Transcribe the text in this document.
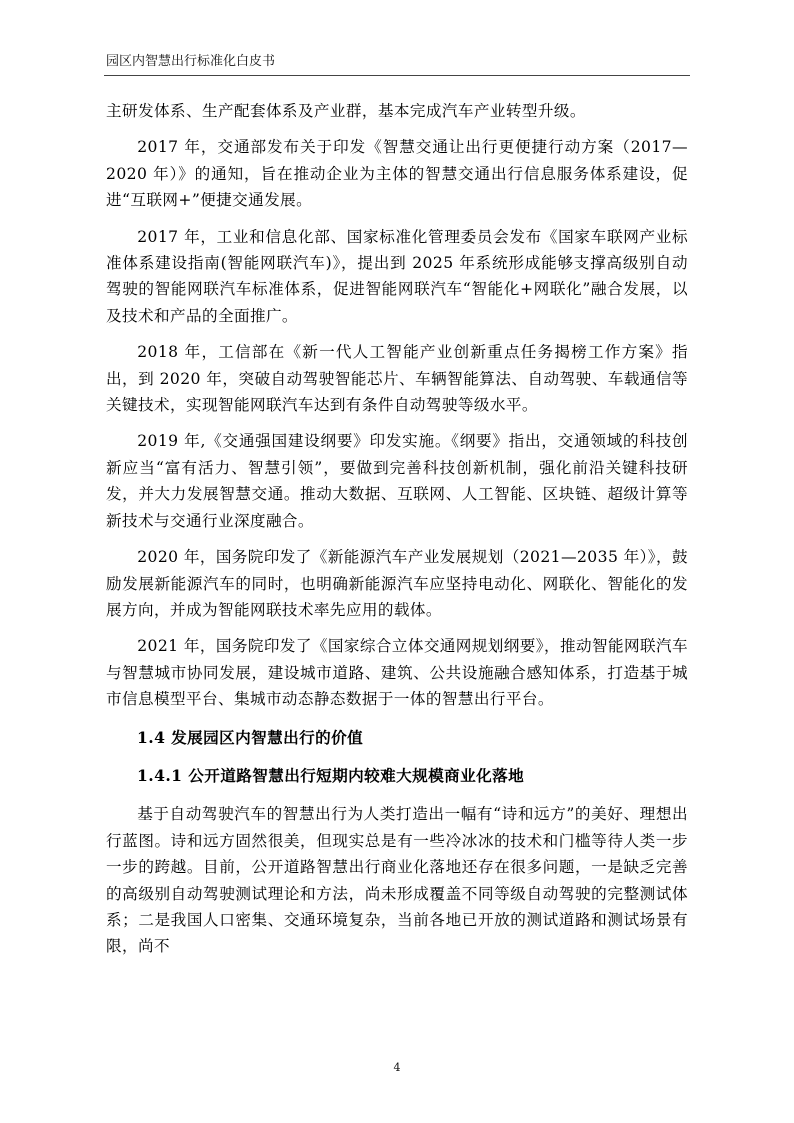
园区内智慧出行标准化白皮书

主研发体系、生产配套体系及产业群，基本完成汽车产业转型升级。

2017 年，交通部发布关于印发《智慧交通让出行更便捷行动方案（2017—2020 年）》的通知，旨在推动企业为主体的智慧交通出行信息服务体系建设，促进“互联网+”便捷交通发展。

2017 年，工业和信息化部、国家标准化管理委员会发布《国家车联网产业标准体系建设指南(智能网联汽车)》，提出到 2025 年系统形成能够支撑高级别自动驾驶的智能网联汽车标准体系，促进智能网联汽车“智能化+网联化”融合发展，以及技术和产品的全面推广。

2018 年，工信部在《新一代人工智能产业创新重点任务揭榜工作方案》指出，到 2020 年，突破自动驾驶智能芯片、车辆智能算法、自动驾驶、车载通信等关键技术，实现智能网联汽车达到有条件自动驾驶等级水平。

2019 年,《交通强国建设纲要》印发实施。《纲要》指出，交通领域的科技创新应当“富有活力、智慧引领”，要做到完善科技创新机制，强化前沿关键科技研发，并大力发展智慧交通。推动大数据、互联网、人工智能、区块链、超级计算等新技术与交通行业深度融合。

2020 年，国务院印发了《新能源汽车产业发展规划（2021—2035 年）》，鼓励发展新能源汽车的同时，也明确新能源汽车应坚持电动化、网联化、智能化的发展方向，并成为智能网联技术率先应用的载体。

2021 年，国务院印发了《国家综合立体交通网规划纲要》，推动智能网联汽车与智慧城市协同发展，建设城市道路、建筑、公共设施融合感知体系，打造基于城市信息模型平台、集城市动态静态数据于一体的智慧出行平台。

1.4 发展园区内智慧出行的价值
1.4.1 公开道路智慧出行短期内较难大规模商业化落地

基于自动驾驶汽车的智慧出行为人类打造出一幅有“诗和远方”的美好、理想出行蓝图。诗和远方固然很美，但现实总是有一些冷冰冰的技术和门槛等待人类一步一步的跨越。目前，公开道路智慧出行商业化落地还存在很多问题，一是缺乏完善的高级别自动驾驶测试理论和方法，尚未形成覆盖不同等级自动驾驶的完整测试体系；二是我国人口密集、交通环境复杂，当前各地已开放的测试道路和测试场景有限，尚不

4
